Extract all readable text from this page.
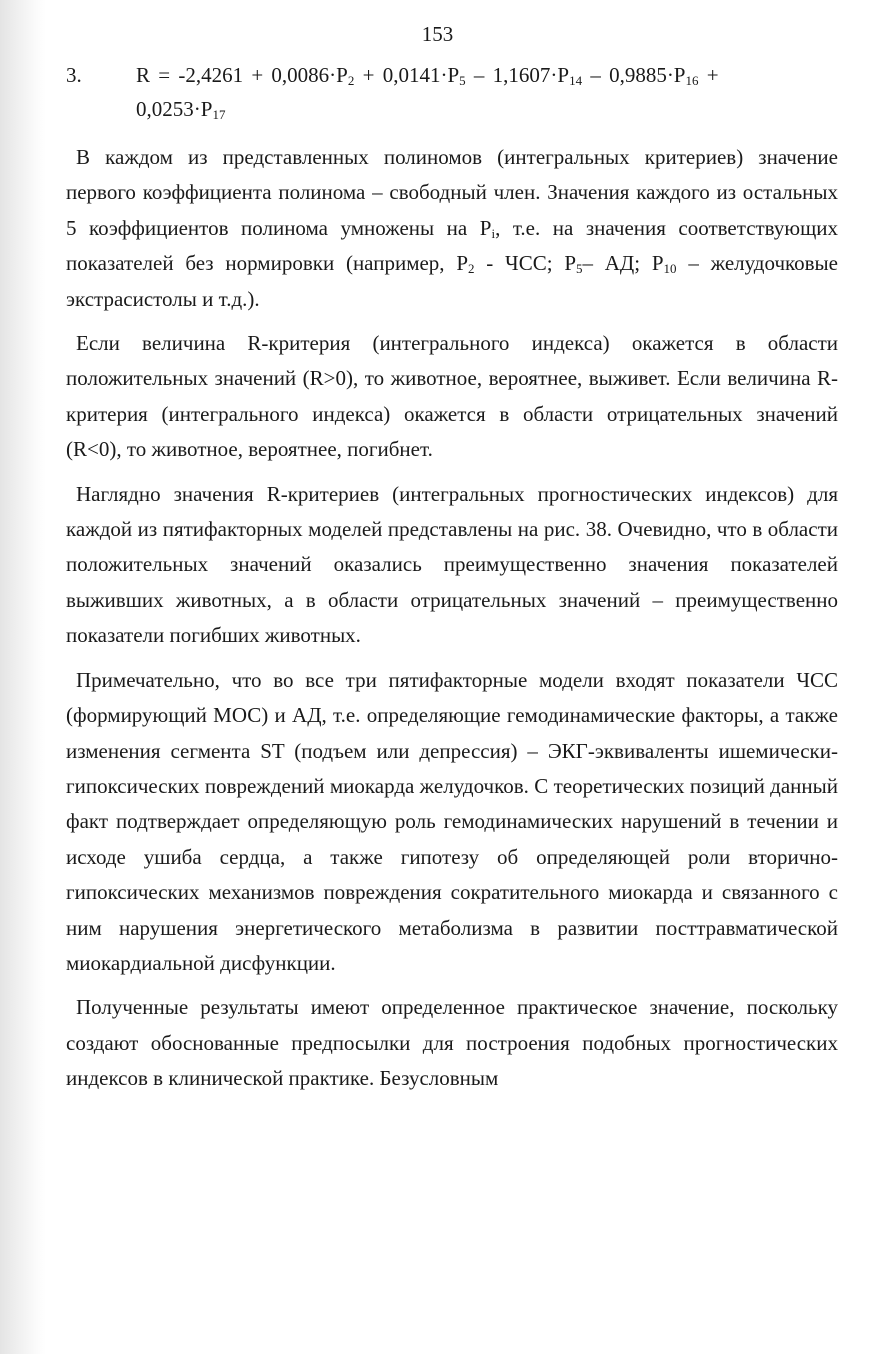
153
3.	$R = -2,4261 + 0,0086\cdot P_2 + 0,0141\cdot P_5 - 1,1607\cdot P_{14} - 0,9885\cdot P_{16}$ +
$0,0253\cdot P_{17}$

В каждом из представленных полиномов (интегральных критериев) значение первого коэффициента полинома – свободный член. Значения каждого из остальных 5 коэффициентов полинома умножены на $P_i$, т.е. на значения соответствующих показателей без нормировки (например, $P_2$ - ЧСС; $P_5-$ АД; $P_{10}$ – желудочковые экстрасистолы и т.д.).

Если величина R-критерия (интегрального индекса) окажется в области положительных значений (R>0), то животное, вероятнее, выживет. Если величина R-критерия (интегрального индекса) окажется в области отрицательных значений (R<0), то животное, вероятнее, погибнет.

Наглядно значения R-критериев (интегральных прогностических индексов) для каждой из пятифакторных моделей представлены на рис. 38. Очевидно, что в области положительных значений оказались преимущественно значения показателей выживших животных, а в области отрицательных значений – преимущественно показатели погибших животных.

Примечательно, что во все три пятифакторные модели входят показатели ЧСС (формирующий МОС) и АД, т.е. определяющие гемодинамические факторы, а также изменения сегмента ST (подъем или депрессия) – ЭКГ-эквиваленты ишемически-гипоксических повреждений миокарда желудочков. С теоретических позиций данный факт подтверждает определяющую роль гемодинамических нарушений в течении и исходе ушиба сердца, а также гипотезу об определяющей роли вторично-гипоксических механизмов повреждения сократительного миокарда и связанного с ним нарушения энергетического метаболизма в развитии посттравматической миокардиальной дисфункции.

Полученные результаты имеют определенное практическое значение, поскольку создают обоснованные предпосылки для построения подобных прогностических индексов в клинической практике. Безусловным
